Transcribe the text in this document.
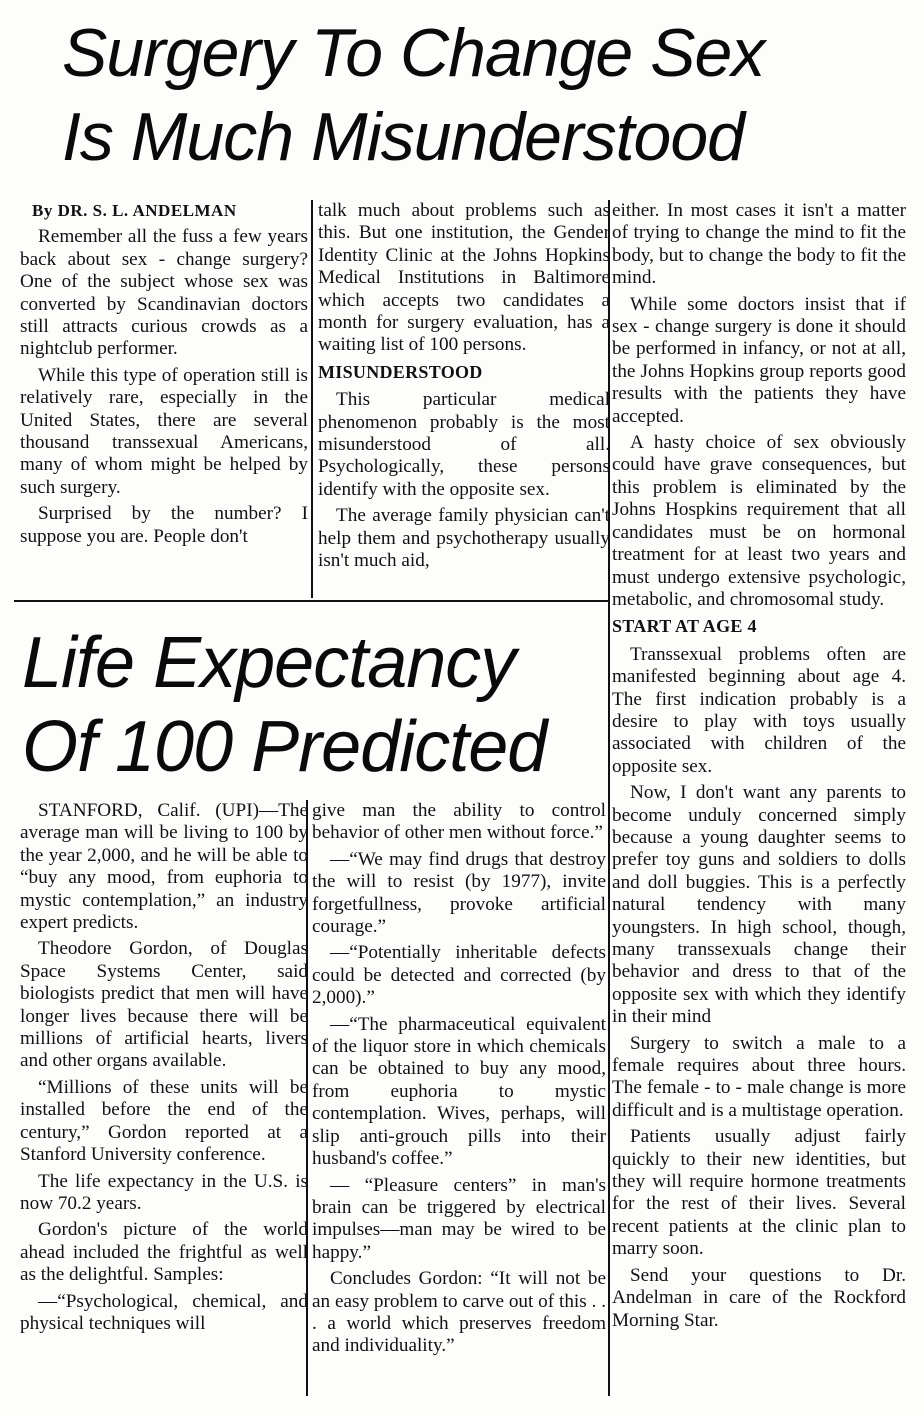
Surgery To Change Sex
Is Much Misunderstood

By DR. S. L. ANDELMAN

Remember all the fuss a few years back about sex - change surgery? One of the subject whose sex was converted by Scandinavian doctors still attracts curious crowds as a nightclub performer.

While this type of operation still is relatively rare, especially in the United States, there are several thousand transsexual Americans, many of whom might be helped by such surgery.

Surprised by the number? I suppose you are. People don't

talk much about problems such as this. But one institution, the Gender Identity Clinic at the Johns Hopkins Medical Institutions in Baltimore which accepts two candidates a month for surgery evaluation, has a waiting list of 100 persons.

MISUNDERSTOOD

This particular medical phenomenon probably is the most misunderstood of all. Psychologically, these persons identify with the opposite sex.

The average family physician can't help them and psychotherapy usually isn't much aid,

either. In most cases it isn't a matter of trying to change the mind to fit the body, but to change the body to fit the mind.

While some doctors insist that if sex - change surgery is done it should be performed in infancy, or not at all, the Johns Hopkins group reports good results with the patients they have accepted.

A hasty choice of sex obviously could have grave consequences, but this problem is eliminated by the Johns Hospkins requirement that all candidates must be on hormonal treatment for at least two years and must undergo extensive psychologic, metabolic, and chromosomal study.

START AT AGE 4

Transsexual problems often are manifested beginning about age 4. The first indication probably is a desire to play with toys usually associated with children of the opposite sex.

Now, I don't want any parents to become unduly concerned simply because a young daughter seems to prefer toy guns and soldiers to dolls and doll buggies. This is a perfectly natural tendency with many youngsters. In high school, though, many transsexuals change their behavior and dress to that of the opposite sex with which they identify in their mind

Surgery to switch a male to a female requires about three hours. The female - to - male change is more difficult and is a multistage operation.

Patients usually adjust fairly quickly to their new identities, but they will require hormone treatments for the rest of their lives. Several recent patients at the clinic plan to marry soon.

Send your questions to Dr. Andelman in care of the Rockford Morning Star.

Life Expectancy
Of 100 Predicted

STANFORD, Calif. (UPI)—The average man will be living to 100 by the year 2,000, and he will be able to “buy any mood, from euphoria to mystic contemplation,” an industry expert predicts.

Theodore Gordon, of Douglas Space Systems Center, said biologists predict that men will have longer lives because there will be millions of artificial hearts, livers and other organs available.

“Millions of these units will be installed before the end of the century,” Gordon reported at a Stanford University conference.

The life expectancy in the U.S. is now 70.2 years.

Gordon's picture of the world ahead included the frightful as well as the delightful. Samples:

—“Psychological, chemical, and physical techniques will

give man the ability to control behavior of other men without force.”

—“We may find drugs that destroy the will to resist (by 1977), invite forgetfullness, provoke artificial courage.”

—“Potentially inheritable defects could be detected and corrected (by 2,000).”

—“The pharmaceutical equivalent of the liquor store in which chemicals can be obtained to buy any mood, from euphoria to mystic contemplation. Wives, perhaps, will slip anti-grouch pills into their husband's coffee.”

— “Pleasure centers” in man's brain can be triggered by electrical impulses—man may be wired to be happy.”

Concludes Gordon: “It will not be an easy problem to carve out of this . . . a world which preserves freedom and individuality.”
